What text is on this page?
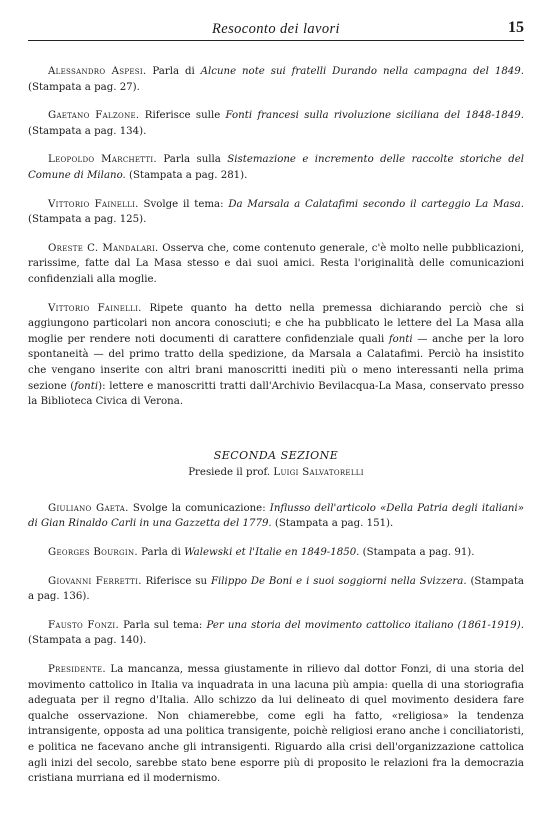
Resoconto dei lavori	15

Alessandro Aspesi. Parla di Alcune note sui fratelli Durando nella campagna del 1849. (Stampata a pag. 27).

Gaetano Falzone. Riferisce sulle Fonti francesi sulla rivoluzione siciliana del 1848-1849. (Stampata a pag. 134).

Leopoldo Marchetti. Parla sulla Sistemazione e incremento delle raccolte storiche del Comune di Milano. (Stampata a pag. 281).

Vittorio Fainelli. Svolge il tema: Da Marsala a Calatafimi secondo il carteggio La Masa. (Stampata a pag. 125).

Oreste C. Mandalari. Osserva che, come contenuto generale, c'è molto nelle pubblicazioni, rarissime, fatte dal La Masa stesso e dai suoi amici. Resta l'originalità delle comunicazioni confidenziali alla moglie.

Vittorio Fainelli. Ripete quanto ha detto nella premessa dichiarando perciò che si aggiungono particolari non ancora conosciuti; e che ha pubblicato le lettere del La Masa alla moglie per rendere noti documenti di carattere confidenziale quali fonti — anche per la loro spontaneità — del primo tratto della spedizione, da Marsala a Calatafimi. Perciò ha insistito che vengano inserite con altri brani manoscritti inediti più o meno interessanti nella prima sezione (fonti): lettere e manoscritti tratti dall'Archivio Bevilacqua-La Masa, conservato presso la Biblioteca Civica di Verona.

SECONDA SEZIONE
Presiede il prof. Luigi Salvatorelli

Giuliano Gaeta. Svolge la comunicazione: Influsso dell'articolo «Della Patria degli italiani» di Gian Rinaldo Carli in una Gazzetta del 1779. (Stampata a pag. 151).

Georges Bourgin. Parla di Walewski et l'Italie en 1849-1850. (Stampata a pag. 91).

Giovanni Ferretti. Riferisce su Filippo De Boni e i suoi soggiorni nella Svizzera. (Stampata a pag. 136).

Fausto Fonzi. Parla sul tema: Per una storia del movimento cattolico italiano (1861-1919). (Stampata a pag. 140).

Presidente. La mancanza, messa giustamente in rilievo dal dottor Fonzi, di una storia del movimento cattolico in Italia va inquadrata in una lacuna più ampia: quella di una storiografia adeguata per il regno d'Italia. Allo schizzo da lui delineato di quel movimento desidera fare qualche osservazione. Non chiamerebbe, come egli ha fatto, «religiosa» la tendenza intransigente, opposta ad una politica transigente, poichè religiosi erano anche i conciliatoristi, e politica ne facevano anche gli intransigenti. Riguardo alla crisi dell'organizzazione cattolica agli inizi del secolo, sarebbe stato bene esporre più di proposito le relazioni fra la democrazia cristiana murriana ed il modernismo.
